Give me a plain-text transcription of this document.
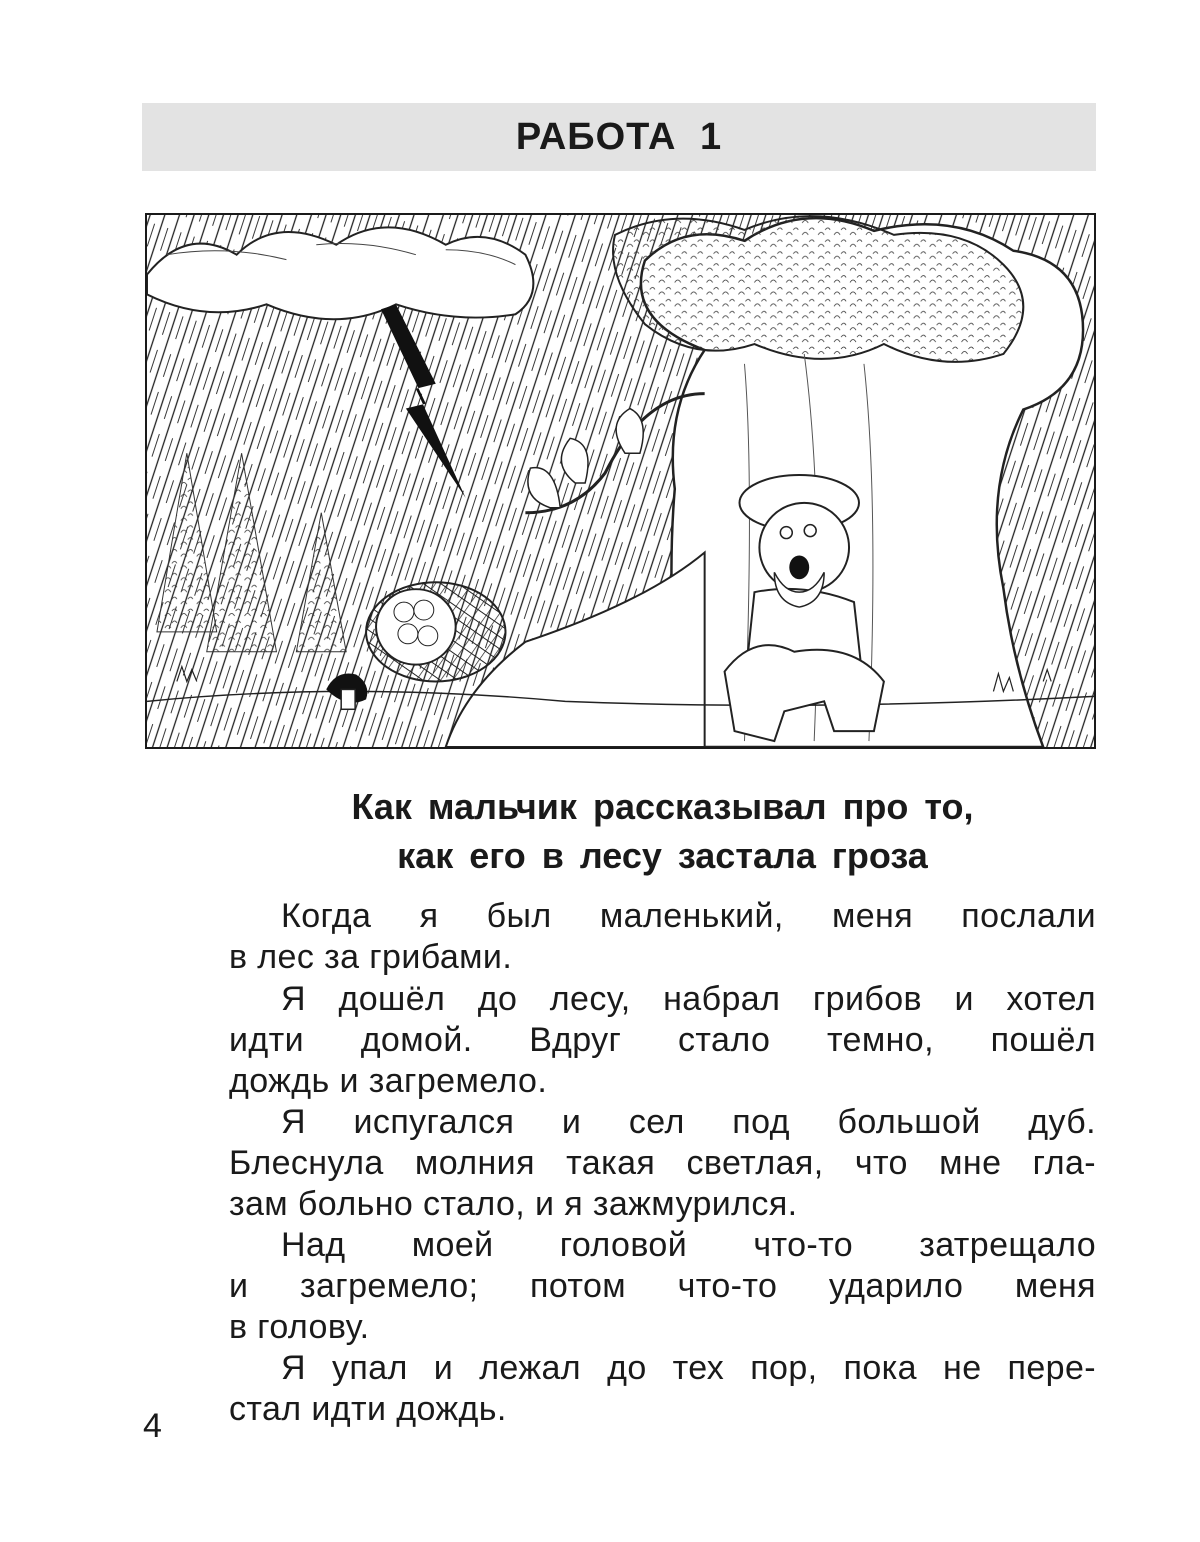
РАБОТА 1
Как мальчик рассказывал про то,
как его в лесу застала гроза
Когда я был маленький, меня послали
в лес за грибами.
Я дошёл до лесу, набрал грибов и хотел
идти домой. Вдруг стало темно, пошёл
дождь и загремело.
Я испугался и сел под большой дуб.
Блеснула молния такая светлая, что мне гла-
зам больно стало, и я зажмурился.
Над моей головой что-то затрещало
и загремело; потом что-то ударило меня
в голову.
Я упал и лежал до тех пор, пока не пере-
стал идти дождь.
4
